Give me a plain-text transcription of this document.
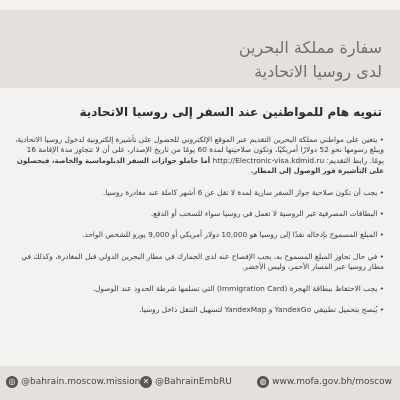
سفارة مملكة البحرين
لدى روسيا الاتحادية
تنويه هام للمواطنين عند السفر إلى روسيا الاتحادية
• يتعين على مواطني مملكة البحرين التقديم عبر الموقع الإلكتروني للحصول على تأشيرة إلكترونية لدخول روسيا الاتحادية، ويبلغ رسومها نحو 52 دولارًا أمريكيًا، وتكون صلاحيتها لمدة 60 يومًا من تاريخ الإصدار، على أن لا تتجاوز مدة الإقامة 16 يومًا. رابط التقديم: http://Electronic-visa.kdmid.ru أما حاملو جوازات السفر الدبلوماسية والخاصة، فيحصلون على التأشيرة فور الوصول إلى المطار.
• يجب أن تكون صلاحية جواز السفر سارية لمدة لا تقل عن 6 أشهر كاملة عند مغادرة روسيا.
• البطاقات المصرفية غير الروسية لا تعمل في روسيا سواء للسحب أو الدفع.
• المبلغ المسموح بإدخاله نقدًا إلى روسيا هو 10,000 دولار أمريكي أو 9,000 يورو للشخص الواحد.
• في حال تجاوز المبلغ المسموح به، يجب الإفصاح عنه لدى الجمارك في مطار البحرين الدولي قبل المغادرة، وكذلك في مطار روسيا عبر المسار الأحمر، وليس الأخضر.
• يجب الاحتفاظ ببطاقة الهجرة (Immigration Card) التي تسلمها شرطة الحدود عند الوصول.
• يُنصح بتحميل تطبيقي YandexGo و YandexMap لتسهيل التنقل داخل روسيا.
◎ @bahrain.moscow.mission ✕ @BahrainEmbRU	◍ www.mofa.gov.bh/moscow
